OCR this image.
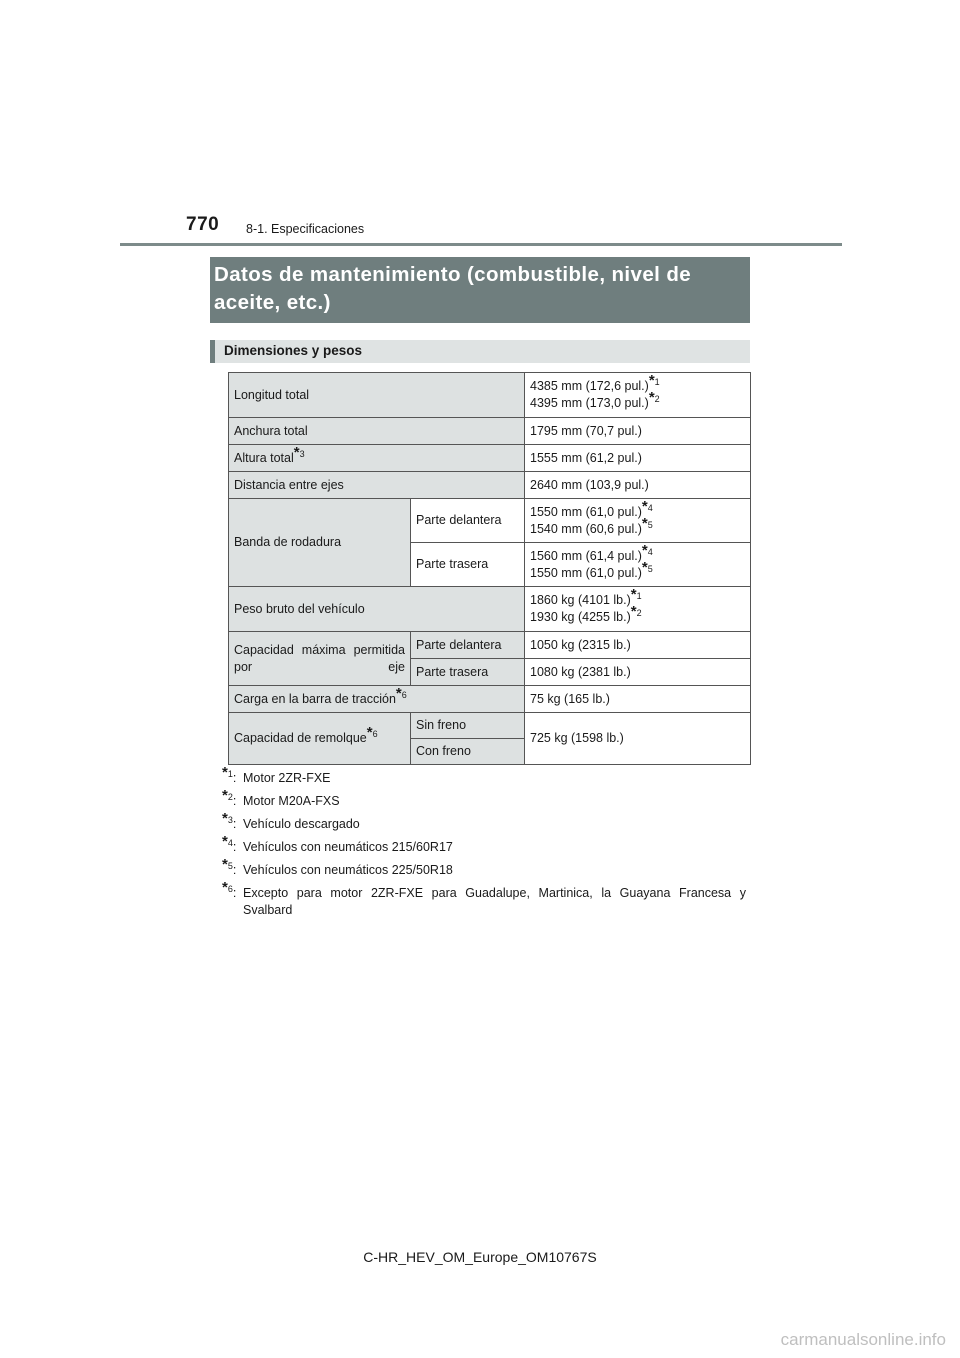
770 8-1. Especificaciones
Datos de mantenimiento (combustible, nivel de aceite, etc.)
Dimensiones y pesos
Longitud total		4385 mm (172,6 pul.)$^{*1}$
4395 mm (173,0 pul.)$^{*2}$
Anchura total		1795 mm (70,7 pul.)
Altura total$^{*3}$		1555 mm (61,2 pul.)
Distancia entre ejes		2640 mm (103,9 pul.)
Banda de rodadura	Parte delantera	1550 mm (61,0 pul.)$^{*4}$
1540 mm (60,6 pul.)$^{*5}$
	Parte trasera	1560 mm (61,4 pul.)$^{*4}$
1550 mm (61,0 pul.)$^{*5}$
Peso bruto del vehículo		1860 kg (4101 lb.)$^{*1}$
1930 kg (4255 lb.)$^{*2}$
Capacidad máxima permitida por eje	Parte delantera	1050 kg (2315 lb.)
	Parte trasera	1080 kg (2381 lb.)
Carga en la barra de tracción$^{*6}$		75 kg (165 lb.)
Capacidad de remolque$^{*6}$	Sin freno	725 kg (1598 lb.)
	Con freno	
$^{*1}$: Motor 2ZR-FXE
$^{*2}$: Motor M20A-FXS
$^{*3}$: Vehículo descargado
$^{*4}$: Vehículos con neumáticos 215/60R17
$^{*5}$: Vehículos con neumáticos 225/50R18
$^{*6}$: Excepto para motor 2ZR-FXE para Guadalupe, Martinica, la Guayana Francesa y Svalbard
C-HR_HEV_OM_Europe_OM10767S
carmanualsonline.info
